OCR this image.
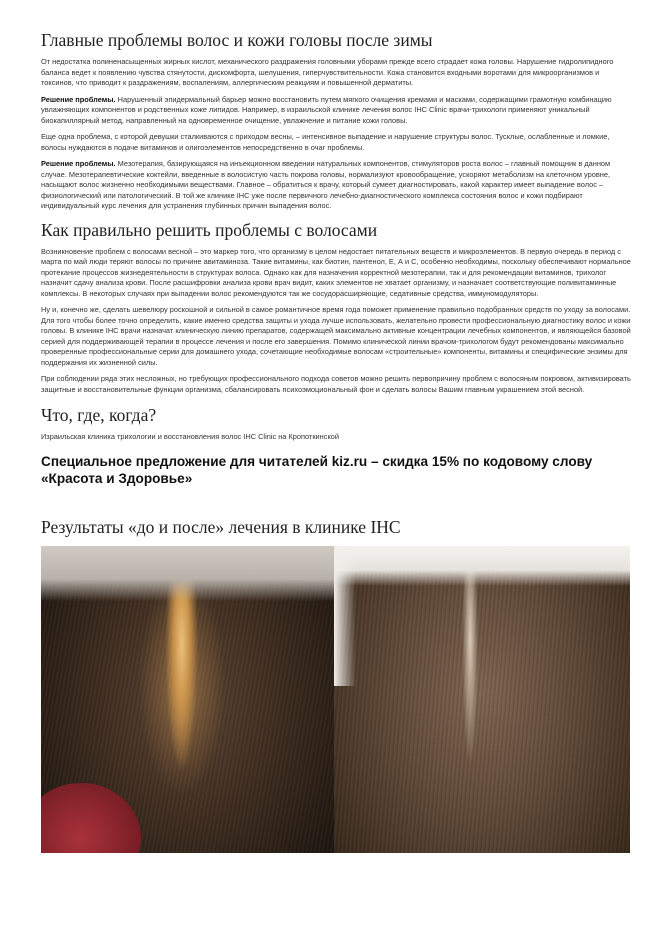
Главные проблемы волос и кожи головы после зимы

От недостатка полиненасыщенных жирных кислот, механического раздражения головными уборами прежде всего страдает кожа головы. Нарушение гидролипидного баланса ведет к появлению чувства стянутости, дискомфорта, шелушения, гиперчувствительности. Кожа становится входными воротами для микроорганизмов и токсинов, что приводит к раздражениям, воспалениям, аллергическим реакциям и повышенной дерматиты.

Решение проблемы. Нарушенный эпидермальный барьер можно восстановить путем мягкого очищения кремами и масками, содержащими грамотную комбинацию увлажняющих компонентов и родственных коже липидов. Например, в израильской клинике лечения волос IHC Clinic врачи-трихологи применяют уникальный биокапиллярный метод, направленный на одновременное очищение, увлажнение и питание кожи головы.

Еще одна проблема, с которой девушки сталкиваются с приходом весны, – интенсивное выпадение и нарушение структуры волос. Тусклые, ослабленные и ломкие, волосы нуждаются в подаче витаминов и олигоэлементов непосредственно в очаг проблемы.

Решение проблемы. Мезотерапия, базирующаяся на инъекционном введении натуральных компонентов, стимуляторов роста волос – главный помощник в данном случае. Мезотерапевтические коктейли, введенные в волосистую часть покрова головы, нормализуют кровообращение, ускоряют метаболизм на клеточном уровне, насыщают волос жизненно необходимыми веществами. Главное – обратиться к врачу, который сумеет диагностировать, какой характер имеет выпадение волос – физиологический или патологический. В той же клинике IHC уже после первичного лечебно-диагностического комплекса состояния волос и кожи подбирают индивидуальный курс лечения для устранения глубинных причин выпадения волос.

Как правильно решить проблемы с волосами

Возникновение проблем с волосами весной – это маркер того, что организму в целом недостает питательных веществ и микроэлементов. В первую очередь в период с марта по май люди теряют волосы по причине авитаминоза. Такие витамины, как биотин, пантенол, Е, А и С, особенно необходимы, поскольку обеспечивают нормальное протекание процессов жизнедеятельности в структурах волоса. Однако как для назначения корректной мезотерапии, так и для рекомендации витаминов, трихолог назначит сдачу анализа крови. После расшифровки анализа крови врач видит, каких элементов не хватает организму, и назначает соответствующие поливитаминные комплексы. В некоторых случаях при выпадении волос рекомендуются так же сосудорасширяющие, седативные средства, иммуномодуляторы.

Ну и, конечно же, сделать шевелюру роскошной и сильной в самое романтичное время года поможет применение правильно подобранных средств по уходу за волосами. Для того чтобы более точно определить, какие именно средства защиты и ухода лучше использовать, желательно провести профессиональную диагностику волос и кожи головы. В клинике IHC врачи назначат клиническую линию препаратов, содержащей максимально активные концентрации лечебных компонентов, и являющейся базовой серией для поддерживающей терапии в процессе лечения и после его завершения. Помимо клинической линии врачом-трихологом будут рекомендованы максимально проверенные профессиональные серии для домашнего ухода, сочетающие необходимые волосам «строительные» компоненты, витамины и специфические энзимы для поддержания их жизненной силы.

При соблюдении ряда этих несложных, но требующих профессионального подхода советов можно решить первопричину проблем с волосяным покровом, активизировать защитные и восстановительные функции организма, сбалансировать психоэмоциональный фон и сделать волосы Вашим главным украшением этой весной.

Что, где, когда?

Израильская клиника трихологии и восстановления волос IHC Clinic на Кропоткинской

Специальное предложение для читателей kiz.ru – скидка 15% по кодовому слову «Красота и Здоровье»
Результаты «до и после» лечения в клинике IHC
